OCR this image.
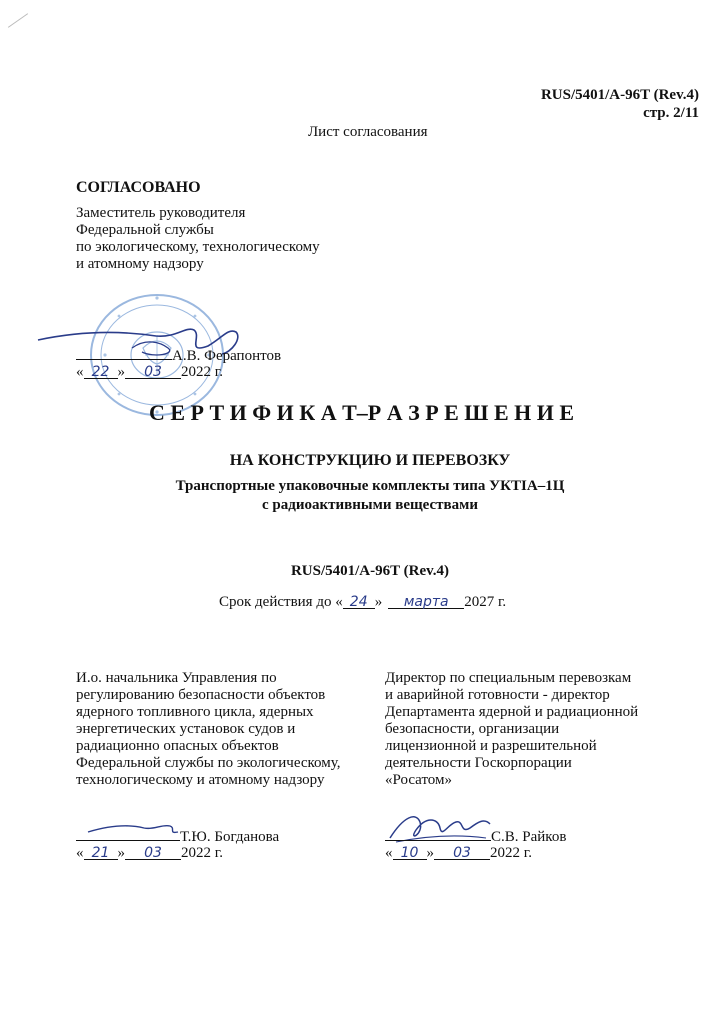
RUS/5401/A-96T (Rev.4)
стр. 2/11
Лист согласования
СОГЛАСОВАНО

Заместитель руководителя

Федеральной службы

по экологическому, технологическому

и атомному надзору

А.В. Ферапонтов
« 22 » 03 2022 г.
С Е Р Т И Ф И К А Т–Р А З Р Е Ш Е Н И Е
НА КОНСТРУКЦИЮ И ПЕРЕВОЗКУ
Транспортные упаковочные комплекты типа УКТIA–1Ц
с радиоактивными веществами
RUS/5401/A-96T (Rev.4)
Срок действия до « 24 » марта 2027 г.

И.о. начальника Управления по

регулированию безопасности объектов

ядерного топливного цикла, ядерных

энергетических установок судов и

радиационно опасных объектов

Федеральной службы по экологическому,

технологическому и атомному надзору

Т.Ю. Богданова
« 21 » 03 2022 г.

Директор по специальным перевозкам

и аварийной готовности - директор

Департамента ядерной и радиационной

безопасности, организации

лицензионной и разрешительной

деятельности Госкорпорации

«Росатом»

С.В. Райков
« 10 » 03 2022 г.
